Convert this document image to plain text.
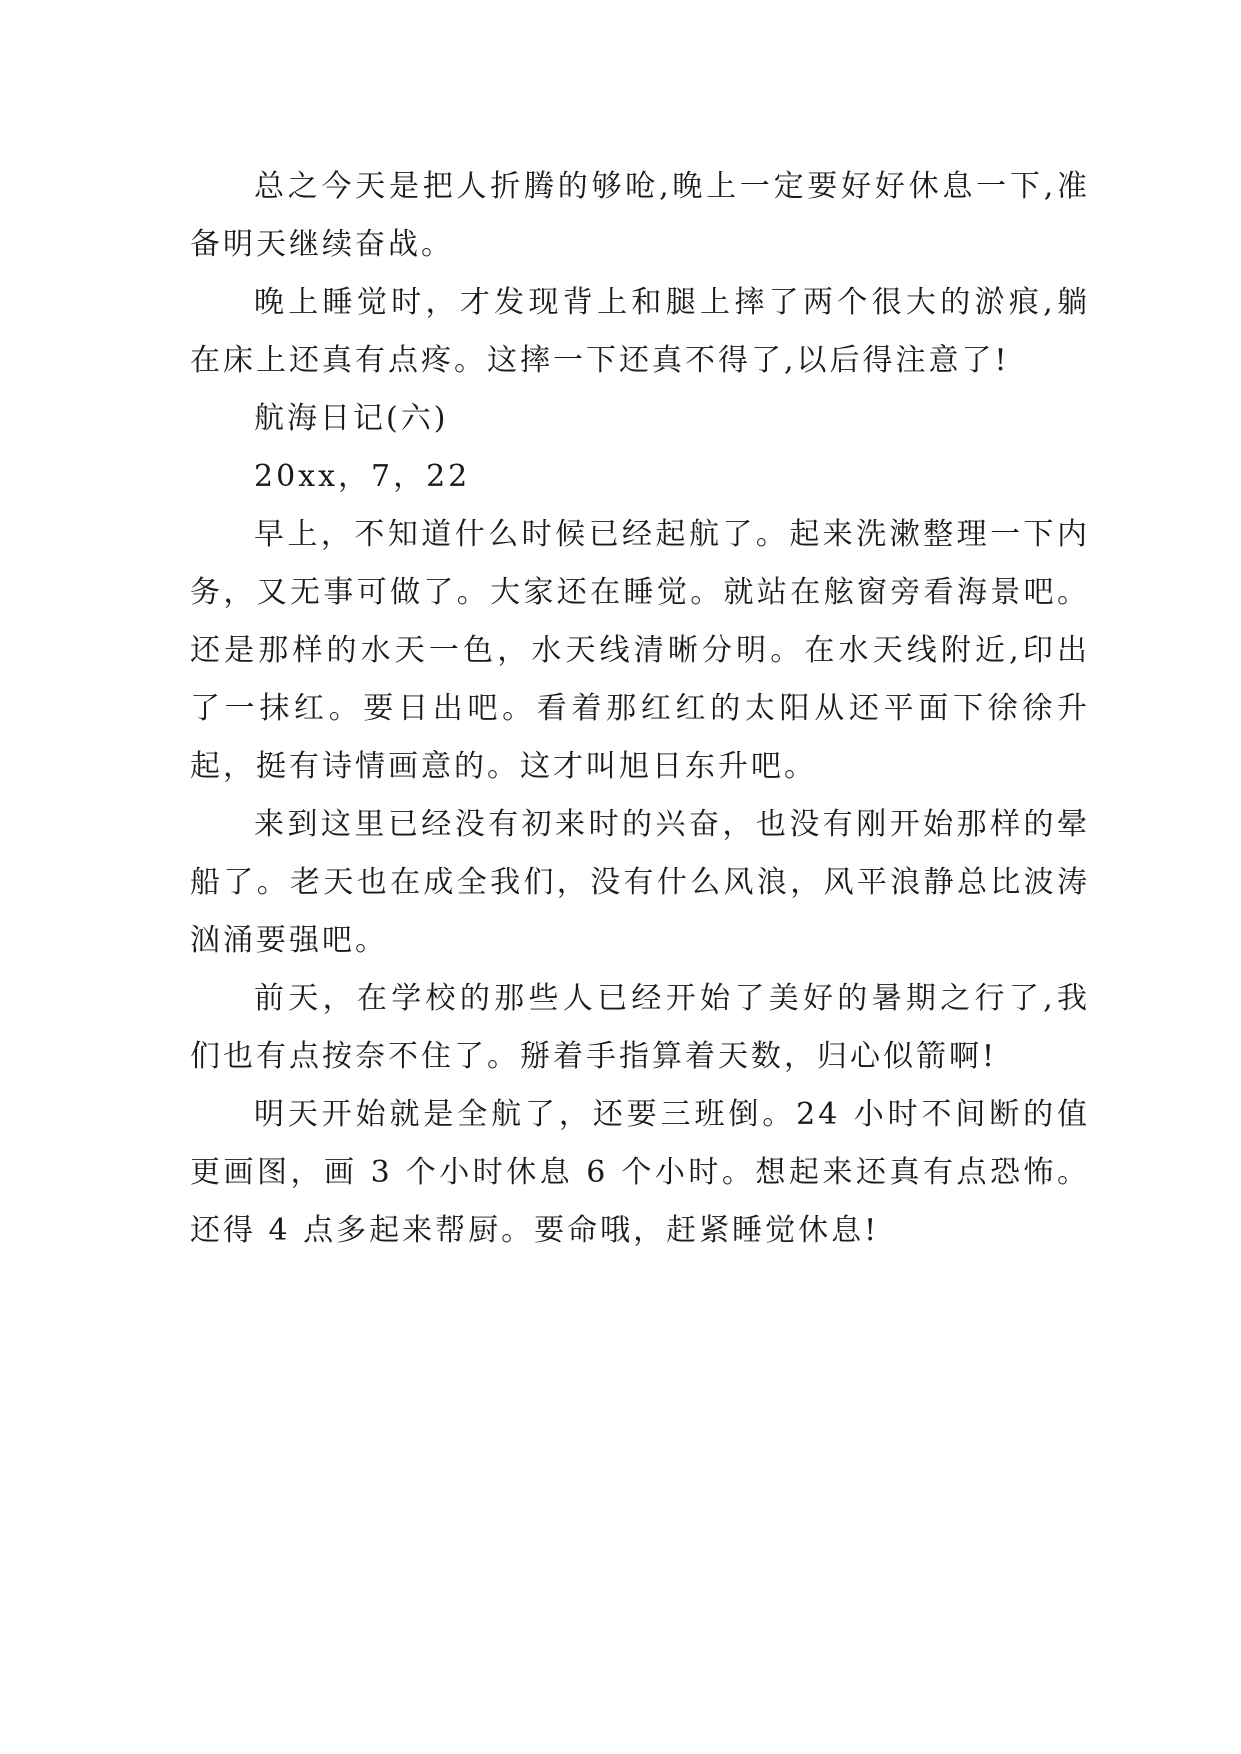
总之今天是把人折腾的够呛,晚上一定要好好休息一下,准备明天继续奋战。

晚上睡觉时，才发现背上和腿上摔了两个很大的淤痕,躺在床上还真有点疼。这摔一下还真不得了,以后得注意了!

航海日记(六)

20xx，7，22

早上，不知道什么时候已经起航了。起来洗漱整理一下内务，又无事可做了。大家还在睡觉。就站在舷窗旁看海景吧。还是那样的水天一色，水天线清晰分明。在水天线附近,印出了一抹红。要日出吧。看着那红红的太阳从还平面下徐徐升起，挺有诗情画意的。这才叫旭日东升吧。

来到这里已经没有初来时的兴奋，也没有刚开始那样的晕船了。老天也在成全我们，没有什么风浪，风平浪静总比波涛汹涌要强吧。

前天，在学校的那些人已经开始了美好的暑期之行了,我们也有点按奈不住了。掰着手指算着天数，归心似箭啊!

明天开始就是全航了，还要三班倒。24 小时不间断的值更画图，画 3 个小时休息 6 个小时。想起来还真有点恐怖。还得 4 点多起来帮厨。要命哦，赶紧睡觉休息!
